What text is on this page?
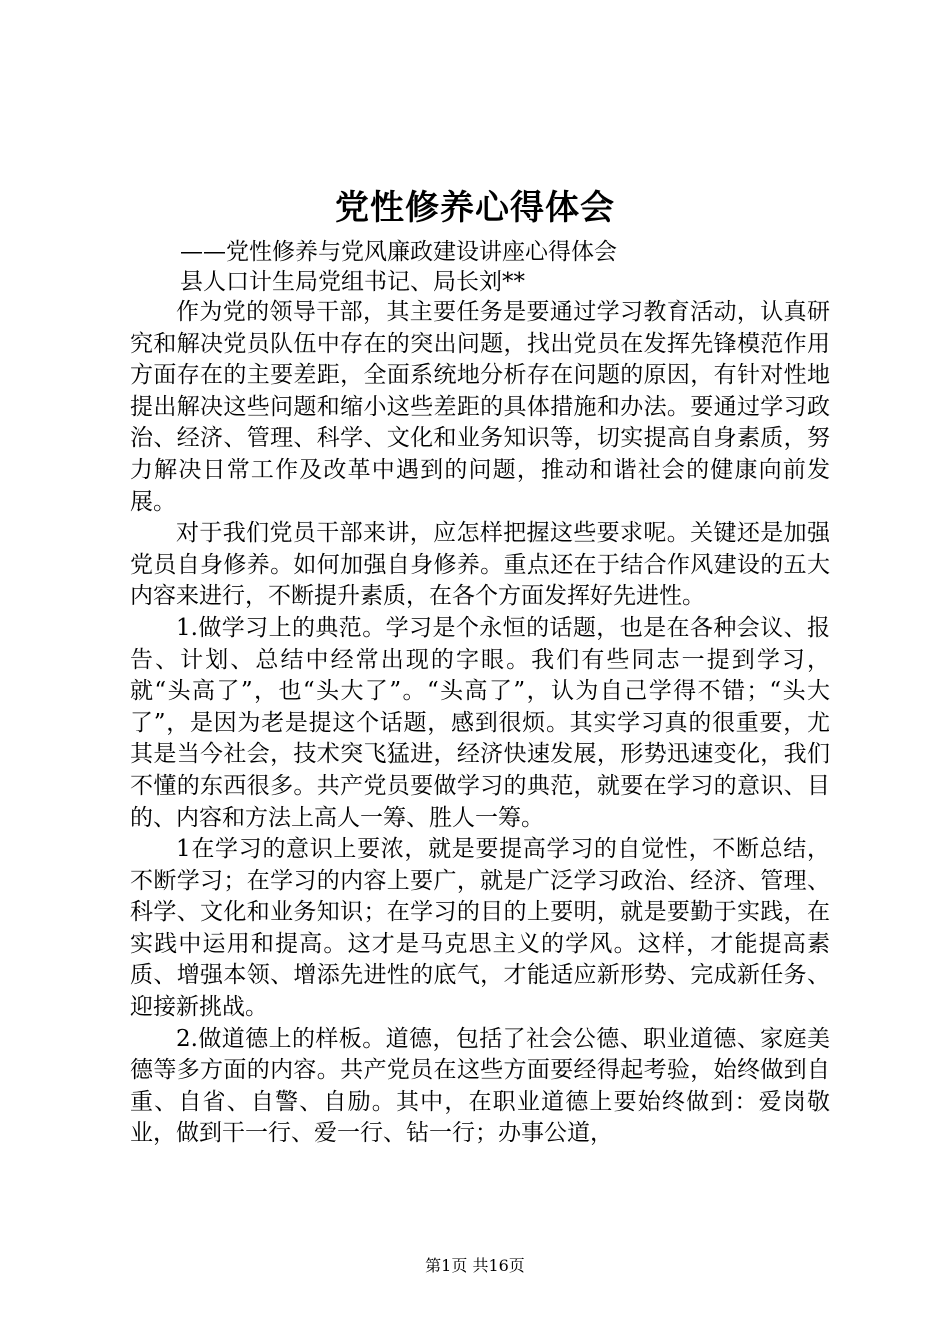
党性修养心得体会
——党性修养与党风廉政建设讲座心得体会
县人口计生局党组书记、局长刘**

作为党的领导干部，其主要任务是要通过学习教育活动，认真研究和解决党员队伍中存在的突出问题，找出党员在发挥先锋模范作用方面存在的主要差距，全面系统地分析存在问题的原因，有针对性地提出解决这些问题和缩小这些差距的具体措施和办法。要通过学习政治、经济、管理、科学、文化和业务知识等，切实提高自身素质，努力解决日常工作及改革中遇到的问题，推动和谐社会的健康向前发展。

对于我们党员干部来讲，应怎样把握这些要求呢。关键还是加强党员自身修养。如何加强自身修养。重点还在于结合作风建设的五大内容来进行，不断提升素质，在各个方面发挥好先进性。

1.做学习上的典范。学习是个永恒的话题，也是在各种会议、报告、计划、总结中经常出现的字眼。我们有些同志一提到学习，就“头高了”，也“头大了”。“头高了”，认为自己学得不错；“头大了”，是因为老是提这个话题，感到很烦。其实学习真的很重要，尤其是当今社会，技术突飞猛进，经济快速发展，形势迅速变化，我们不懂的东西很多。共产党员要做学习的典范，就要在学习的意识、目的、内容和方法上高人一筹、胜人一筹。

1在学习的意识上要浓，就是要提高学习的自觉性，不断总结，不断学习；在学习的内容上要广，就是广泛学习政治、经济、管理、科学、文化和业务知识；在学习的目的上要明，就是要勤于实践，在实践中运用和提高。这才是马克思主义的学风。这样，才能提高素质、增强本领、增添先进性的底气，才能适应新形势、完成新任务、迎接新挑战。

2.做道德上的样板。道德，包括了社会公德、职业道德、家庭美德等多方面的内容。共产党员在这些方面要经得起考验，始终做到自重、自省、自警、自励。其中，在职业道德上要始终做到：爱岗敬业，做到干一行、爱一行、钻一行；办事公道，

第1页 共16页
